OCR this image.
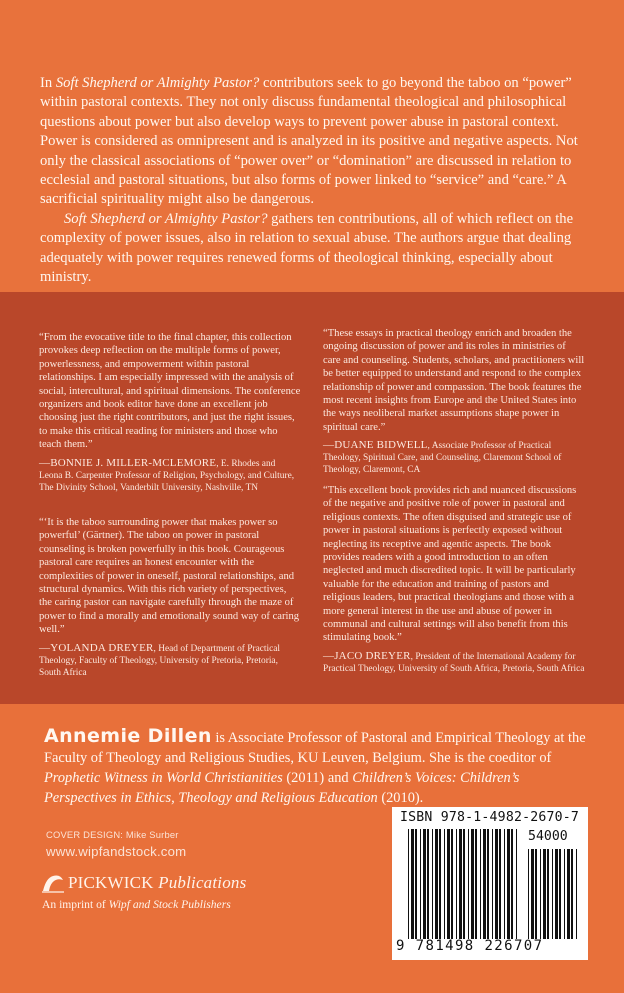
In Soft Shepherd or Almighty Pastor? contributors seek to go beyond the taboo on “power” within pastoral contexts. They not only discuss fundamental theological and philosophical questions about power but also develop ways to prevent power abuse in pastoral context. Power is considered as omnipresent and is analyzed in its positive and negative aspects. Not only the classical associations of “power over” or “domination” are discussed in relation to ecclesial and pastoral situations, but also forms of power linked to “service” and “care.” A sacrificial spirituality might also be dangerous.

Soft Shepherd or Almighty Pastor? gathers ten contributions, all of which reflect on the complexity of power issues, also in relation to sexual abuse. The authors argue that dealing adequately with power requires renewed forms of theological thinking, especially about ministry.

“From the evocative title to the final chapter, this collection provokes deep reflection on the multiple forms of power, powerlessness, and empowerment within pastoral relationships. I am especially impressed with the analysis of social, intercultural, and spiritual dimensions. The conference organizers and book editor have done an excellent job choosing just the right contributors, and just the right issues, to make this critical reading for ministers and those who teach them.”

—BONNIE J. MILLER-MCLEMORE, E. Rhodes and Leona B. Carpenter Professor of Religion, Psychology, and Culture, The Divinity School, Vanderbilt University, Nashville, TN

“‘It is the taboo surrounding power that makes power so powerful’ (Gärtner). The taboo on power in pastoral counseling is broken powerfully in this book. Courageous pastoral care requires an honest encounter with the complexities of power in oneself, pastoral relationships, and structural dynamics. With this rich variety of perspectives, the caring pastor can navigate carefully through the maze of power to find a morally and emotionally sound way of caring well.”

—YOLANDA DREYER, Head of Department of Practical Theology, Faculty of Theology, University of Pretoria, Pretoria, South Africa

“These essays in practical theology enrich and broaden the ongoing discussion of power and its roles in ministries of care and counseling. Students, scholars, and practitioners will be better equipped to understand and respond to the complex relationship of power and compassion. The book features the most recent insights from Europe and the United States into the ways neoliberal market assumptions shape power in spiritual care.”

—DUANE BIDWELL, Associate Professor of Practical Theology, Spiritual Care, and Counseling, Claremont School of Theology, Claremont, CA

“This excellent book provides rich and nuanced discussions of the negative and positive role of power in pastoral and religious contexts. The often disguised and strategic use of power in pastoral situations is perfectly exposed without neglecting its receptive and agentic aspects. The book provides readers with a good introduction to an often neglected and much discredited topic. It will be particularly valuable for the education and training of pastors and religious leaders, but practical theologians and those with a more general interest in the use and abuse of power in communal and cultural settings will also benefit from this stimulating book.”

—JACO DREYER, President of the International Academy for Practical Theology, University of South Africa, Pretoria, South Africa

Annemie Dillen is Associate Professor of Pastoral and Empirical Theology at the Faculty of Theology and Religious Studies, KU Leuven, Belgium. She is the coeditor of Prophetic Witness in World Christianities (2011) and Children’s Voices: Children’s Perspectives in Ethics, Theology and Religious Education (2010).
COVER DESIGN: Mike Surber
www.wipfandstock.com
PICKWICK Publications
An imprint of Wipf and Stock Publishers
ISBN 978-1-4982-2670-7
54000
9 781498 226707
